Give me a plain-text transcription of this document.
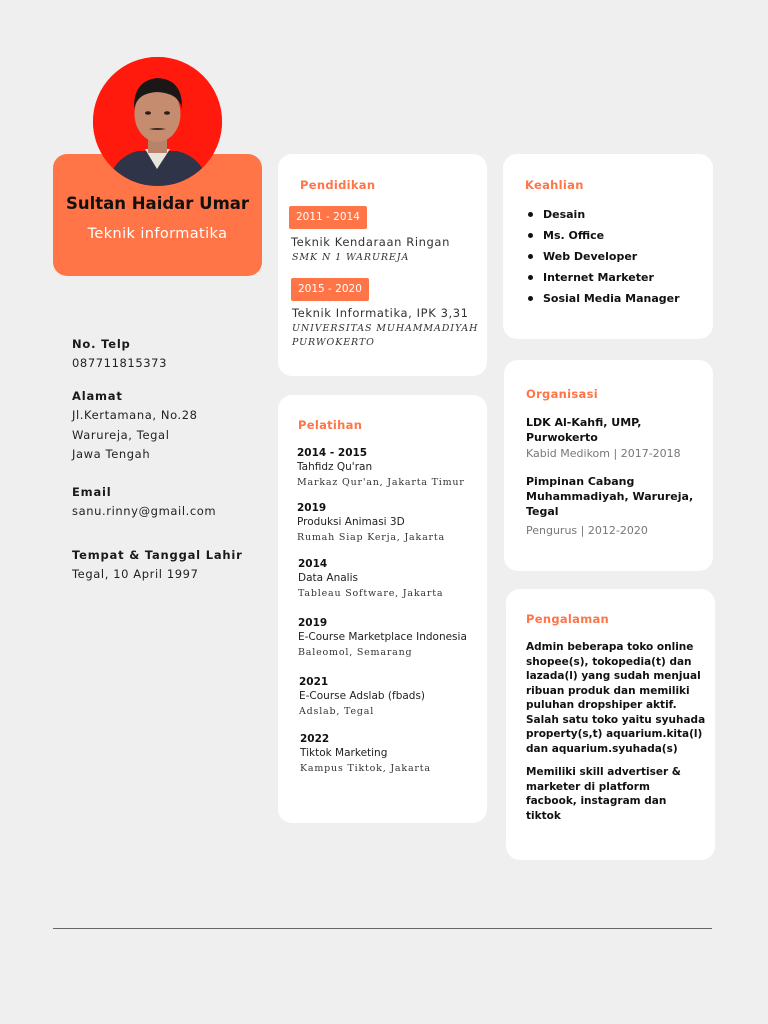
Sultan Haidar Umar
Teknik informatika
No. Telp
087711815373
Alamat
Jl.Kertamana, No.28
Warureja, Tegal
Jawa Tengah
Email
sanu.rinny@gmail.com
Tempat & Tanggal Lahir
Tegal, 10 April 1997
Pendidikan
2011 - 2014
Teknik Kendaraan Ringan
SMK N 1 WARUREJA
2015 - 2020
Teknik Informatika, IPK 3,31
UNIVERSITAS MUHAMMADIYAH
PURWOKERTO
Keahlian
Desain
Ms. Office
Web Developer
Internet Marketer
Sosial Media Manager
Pelatihan
2014 - 2015
Tahfidz Qu'ran
Markaz Qur'an, Jakarta Timur
2019
Produksi Animasi 3D
Rumah Siap Kerja, Jakarta
2014
Data Analis
Tableau Software, Jakarta
2019
E-Course Marketplace Indonesia
Baleomol, Semarang
2021
E-Course Adslab (fbads)
Adslab, Tegal
2022
Tiktok Marketing
Kampus Tiktok, Jakarta
Organisasi
LDK Al-Kahfi, UMP,
Purwokerto
Kabid Medikom | 2017-2018
Pimpinan Cabang
Muhammadiyah, Warureja,
Tegal
Pengurus | 2012-2020
Pengalaman
Admin beberapa toko online
shopee(s), tokopedia(t) dan
lazada(l) yang sudah menjual
ribuan produk dan memiliki
puluhan dropshiper aktif.
Salah satu toko yaitu syuhada
property(s,t) aquarium.kita(l)
dan aquarium.syuhada(s)
Memiliki skill advertiser &
marketer di platform
facbook, instagram dan
tiktok
